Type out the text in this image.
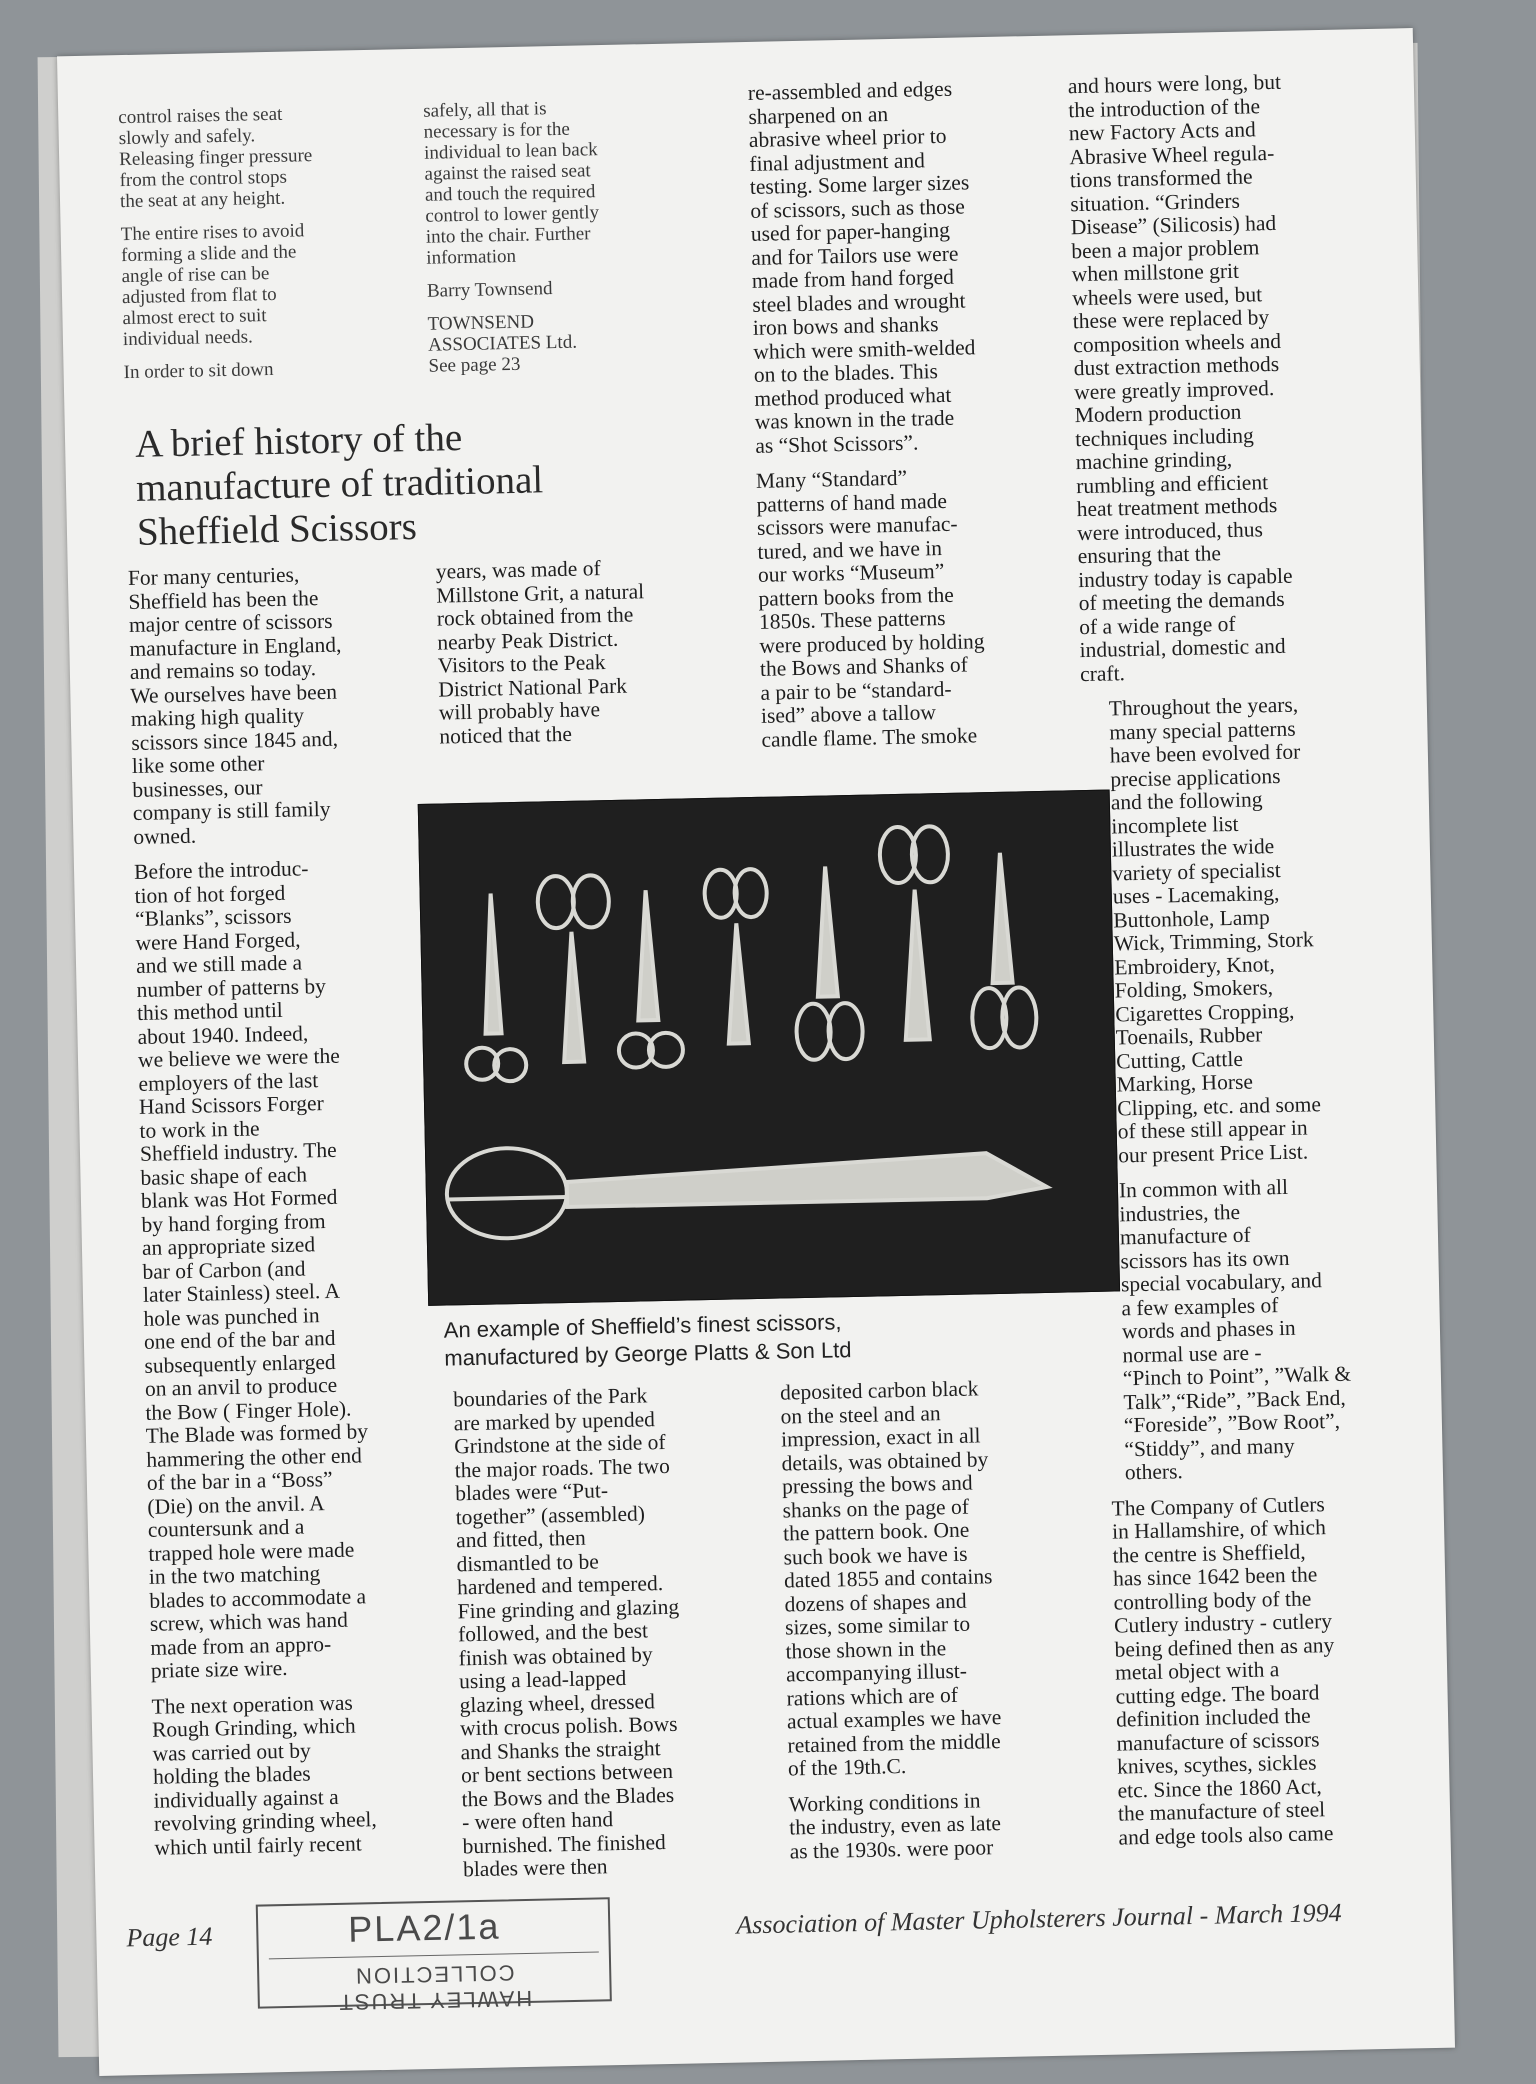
control raises the seat
slowly and safely.
Releasing finger pressure
from the control stops
the seat at any height.

The entire rises to avoid
forming a slide and the
angle of rise can be
adjusted from flat to
almost erect to suit
individual needs.

In order to sit down

safely, all that is
necessary is for the
individual to lean back
against the raised seat
and touch the required
control to lower gently
into the chair. Further
information

Barry Townsend

TOWNSEND
ASSOCIATES Ltd.
See page 23

A brief history of the
manufacture of traditional
Sheffield Scissors

For many centuries,
Sheffield has been the
major centre of scissors
manufacture in England,
and remains so today.
We ourselves have been
making high quality
scissors since 1845 and,
like some other
businesses, our
company is still family
owned.

Before the introduc-
tion of hot forged
“Blanks”, scissors
were Hand Forged,
and we still made a
number of patterns by
this method until
about 1940. Indeed,
we believe we were the
employers of the last
Hand Scissors Forger
to work in the
Sheffield industry. The
basic shape of each
blank was Hot Formed
by hand forging from
an appropriate sized
bar of Carbon (and
later Stainless) steel. A
hole was punched in
one end of the bar and
subsequently enlarged
on an anvil to produce
the Bow ( Finger Hole).
The Blade was formed by
hammering the other end
of the bar in a “Boss”
(Die) on the anvil. A
countersunk and a
trapped hole were made
in the two matching
blades to accommodate a
screw, which was hand
made from an appro-
priate size wire.

The next operation was
Rough Grinding, which
was carried out by
holding the blades
individually against a
revolving grinding wheel,
which until fairly recent

years, was made of
Millstone Grit, a natural
rock obtained from the
nearby Peak District.
Visitors to the Peak
District National Park
will probably have
noticed that the

boundaries of the Park
are marked by upended
Grindstone at the side of
the major roads. The two
blades were “Put-
together” (assembled)
and fitted, then
dismantled to be
hardened and tempered.
Fine grinding and glazing
followed, and the best
finish was obtained by
using a lead-lapped
glazing wheel, dressed
with crocus polish. Bows
and Shanks the straight
or bent sections between
the Bows and the Blades
- were often hand
burnished. The finished
blades were then

re-assembled and edges
sharpened on an
abrasive wheel prior to
final adjustment and
testing. Some larger sizes
of scissors, such as those
used for paper-hanging
and for Tailors use were
made from hand forged
steel blades and wrought
iron bows and shanks
which were smith-welded
on to the blades. This
method produced what
was known in the trade
as “Shot Scissors”.

Many “Standard”
patterns of hand made
scissors were manufac-
tured, and we have in
our works “Museum”
pattern books from the
1850s. These patterns
were produced by holding
the Bows and Shanks of
a pair to be “standard-
ised” above a tallow
candle flame. The smoke

deposited carbon black
on the steel and an
impression, exact in all
details, was obtained by
pressing the bows and
shanks on the page of
the pattern book. One
such book we have is
dated 1855 and contains
dozens of shapes and
sizes, some similar to
those shown in the
accompanying illust-
rations which are of
actual examples we have
retained from the middle
of the 19th.C.

Working conditions in
the industry, even as late
as the 1930s. were poor

and hours were long, but
the introduction of the
new Factory Acts and
Abrasive Wheel regula-
tions transformed the
situation. “Grinders
Disease” (Silicosis) had
been a major problem
when millstone grit
wheels were used, but
these were replaced by
composition wheels and
dust extraction methods
were greatly improved.
Modern production
techniques including
machine grinding,
rumbling and efficient
heat treatment methods
were introduced, thus
ensuring that the
industry today is capable
of meeting the demands
of a wide range of
industrial, domestic and
craft.

Throughout the years,
many special patterns
have been evolved for
precise applications
and the following
incomplete list
illustrates the wide
variety of specialist
uses - Lacemaking,
Buttonhole, Lamp
Wick, Trimming, Stork
Embroidery, Knot,
Folding, Smokers,
Cigarettes Cropping,
Toenails, Rubber
Cutting, Cattle
Marking, Horse
Clipping, etc. and some
of these still appear in
our present Price List.

In common with all
industries, the
manufacture of
scissors has its own
special vocabulary, and
a few examples of
words and phases in
normal use are -
“Pinch to Point”, ”Walk &
Talk”,“Ride”, ”Back End,
“Foreside”, ”Bow Root”,
“Stiddy”, and many
others.

The Company of Cutlers
in Hallamshire, of which
the centre is Sheffield,
has since 1642 been the
controlling body of the
Cutlery industry - cutlery
being defined then as any
metal object with a
cutting edge. The board
definition included the
manufacture of scissors
knives, scythes, sickles
etc. Since the 1860 Act,
the manufacture of steel
and edge tools also came

An example of Sheffield’s finest scissors,
manufactured by George Platts & Son Ltd
Page 14	Association of Master Upholsterers Journal - March 1994
PLA2/1a
HAWLEY TRUST COLLECTION
